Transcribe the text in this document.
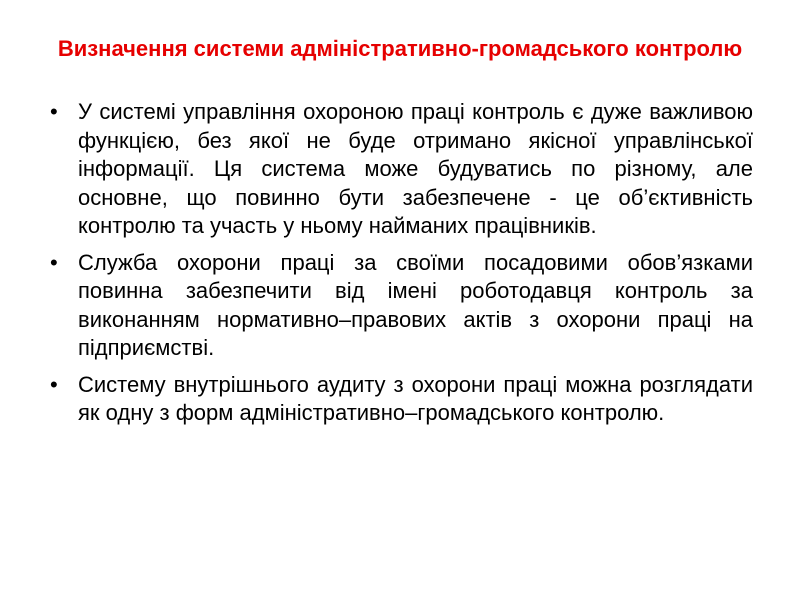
Визначення системи адміністративно-громадського контролю
• У системі управління охороною праці контроль є дуже важливою функцією, без якої не буде отримано якісної управлінської інформації. Ця система може будуватись по різному, але основне, що повинно бути забезпечене - це об’єктивність контролю та участь у ньому найманих працівників.
• Служба охорони праці за своїми посадовими обов’язками повинна забезпечити від імені роботодавця контроль за виконанням нормативно–правових актів з охорони праці на підприємстві.
• Систему внутрішнього аудиту з охорони праці можна розглядати як одну з форм адміністративно–громадського контролю.
